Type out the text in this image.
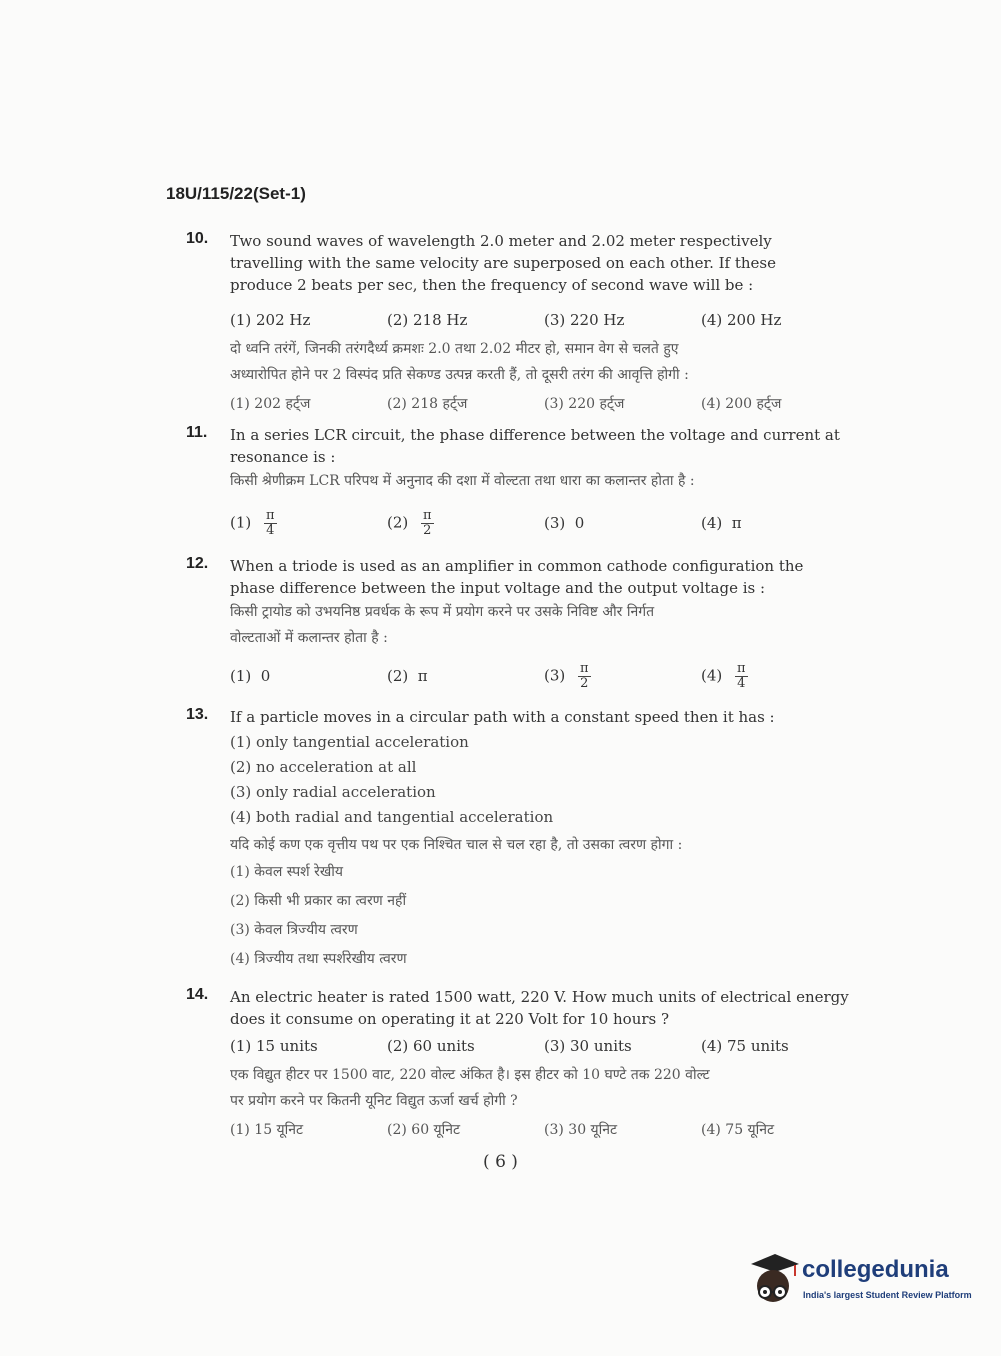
18U/115/22(Set-1)
10. Two sound waves of wavelength 2.0 meter and 2.02 meter respectively
travelling with the same velocity are superposed on each other. If these
produce 2 beats per sec, then the frequency of second wave will be :
(1) 202 Hz	(2) 218 Hz	(3) 220 Hz	(4) 200 Hz
दो ध्वनि तरंगें, जिनकी तरंगदैर्ध्य क्रमशः 2.0 तथा 2.02 मीटर हो, समान वेग से चलते हुए
अध्यारोपित होने पर 2 विस्पंद प्रति सेकण्ड उत्पन्न करती हैं, तो दूसरी तरंग की आवृत्ति होगी :
(1) 202 हर्ट्ज	(2) 218 हर्ट्ज	(3) 220 हर्ट्ज	(4) 200 हर्ट्ज
11. In a series LCR circuit, the phase difference between the voltage and current at
resonance is :
किसी श्रेणीक्रम LCR परिपथ में अनुनाद की दशा में वोल्टता तथा धारा का कलान्तर होता है :
$(1) \frac{\pi}{4}$	$(2) \frac{\pi}{2}$	(3) 0	(4) π
12. When a triode is used as an amplifier in common cathode configuration the
phase difference between the input voltage and the output voltage is :
किसी ट्रायोड को उभयनिष्ठ प्रवर्धक के रूप में प्रयोग करने पर उसके निविष्ट और निर्गत
वोल्टताओं में कलान्तर होता है :
(1) 0	(2) π	$(3) \frac{\pi}{2}$	$(4) \frac{\pi}{4}$
13. If a particle moves in a circular path with a constant speed then it has :
(1) only tangential acceleration
(2) no acceleration at all
(3) only radial acceleration
(4) both radial and tangential acceleration
यदि कोई कण एक वृत्तीय पथ पर एक निश्चित चाल से चल रहा है, तो उसका त्वरण होगा :
(1) केवल स्पर्श रेखीय
(2) किसी भी प्रकार का त्वरण नहीं
(3) केवल त्रिज्यीय त्वरण
(4) त्रिज्यीय तथा स्पर्शरेखीय त्वरण
14. An electric heater is rated 1500 watt, 220 V. How much units of electrical energy
does it consume on operating it at 220 Volt for 10 hours ?
(1) 15 units	(2) 60 units	(3) 30 units	(4) 75 units
एक विद्युत हीटर पर 1500 वाट, 220 वोल्ट अंकित है। इस हीटर को 10 घण्टे तक 220 वोल्ट
पर प्रयोग करने पर कितनी यूनिट विद्युत ऊर्जा खर्च होगी ?
(1) 15 यूनिट	(2) 60 यूनिट	(3) 30 यूनिट	(4) 75 यूनिट
( 6 )
collegedunia
India's largest Student Review Platform
